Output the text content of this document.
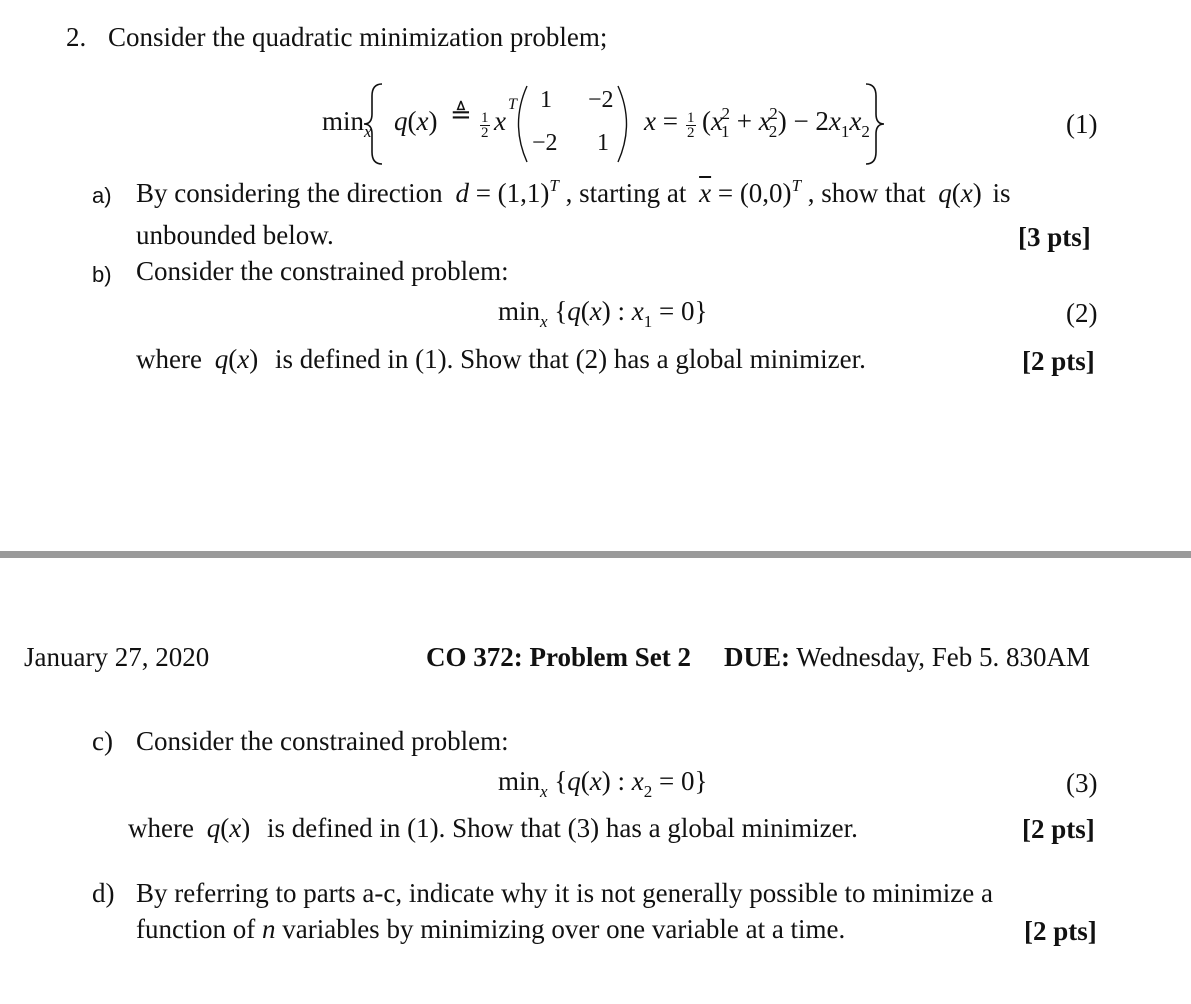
2. Consider the quadratic minimization problem;
$\min_x q(x)$ ≜ $\frac{1}{2}$ x
T 1 −2
−2 1
$x = \frac{1}{2} (x_1^2 + x_2^2) - 2x_1x_2$	(1)
a) By considering the direction $d = (1,1)^T$ , starting at $\overline{x} = (0,0)^T$ , show that q(x) is
unbounded below.	[3 pts]
b) Consider the constrained problem:
$\min_x \{q(x)$ : $x_1 = 0$}	(2)
where q(x) is defined in (1). Show that (2) has a global minimizer.	[2 pts]
January 27, 2020	CO 372: Problem Set 2 DUE: Wednesday, Feb 5. 830AM
c) Consider the constrained problem:
$\min_x \{q(x)$ : $x_2 = 0$}	(3)
where q(x) is defined in (1). Show that (3) has a global minimizer.	[2 pts]
d) By referring to parts a-c, indicate why it is not generally possible to minimize a
function of n variables by minimizing over one variable at a time.	[2 pts]
